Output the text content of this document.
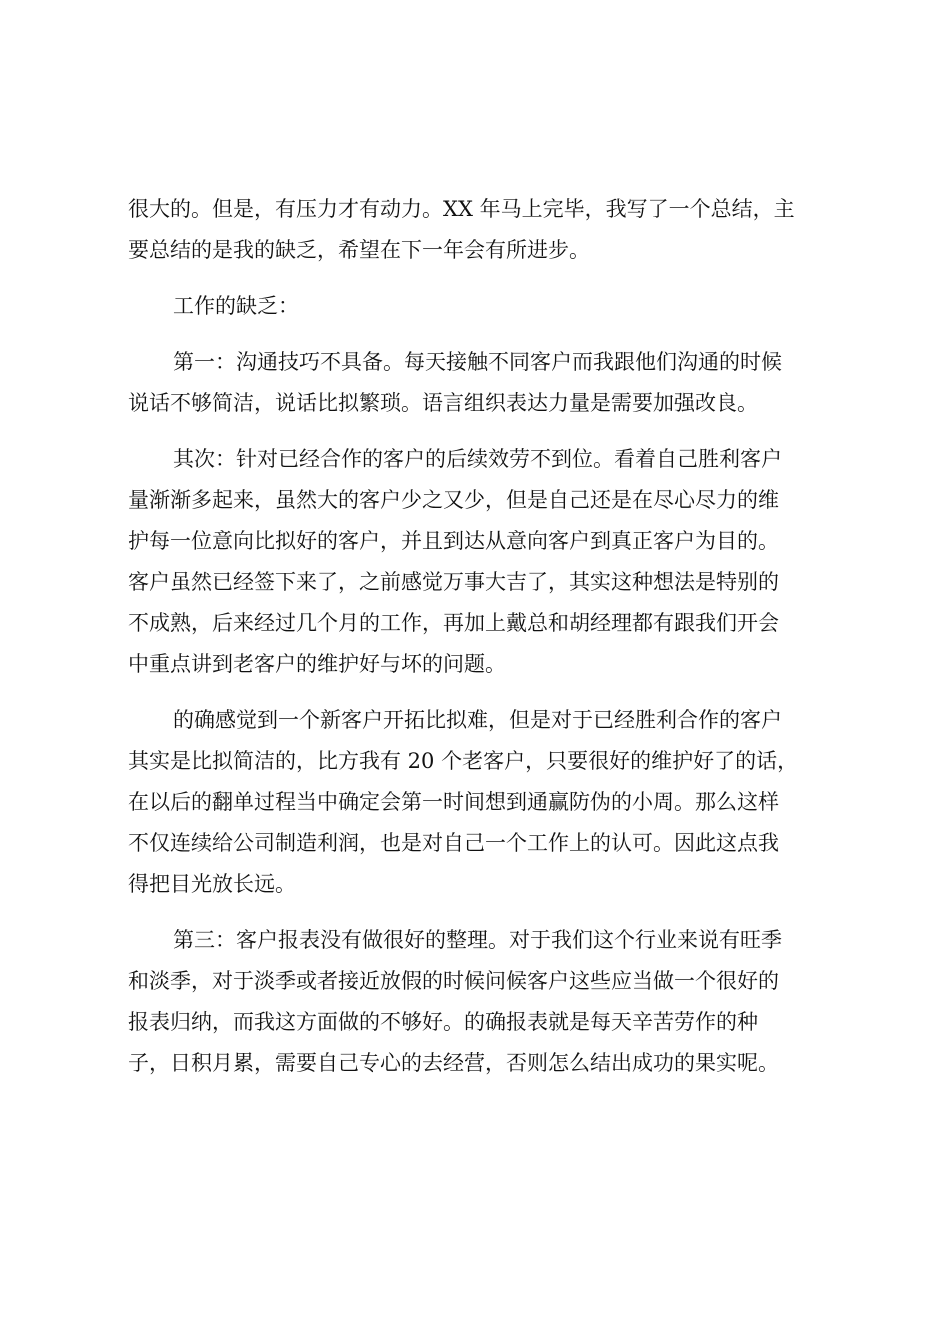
很大的。但是，有压力才有动力。XX 年马上完毕，我写了一个总结，主
要总结的是我的缺乏，希望在下一年会有所进步。
工作的缺乏：
第一：沟通技巧不具备。每天接触不同客户而我跟他们沟通的时候
说话不够简洁，说话比拟繁琐。语言组织表达力量是需要加强改良。
其次：针对已经合作的客户的后续效劳不到位。看着自己胜利客户
量渐渐多起来，虽然大的客户少之又少，但是自己还是在尽心尽力的维
护每一位意向比拟好的客户，并且到达从意向客户到真正客户为目的。
客户虽然已经签下来了，之前感觉万事大吉了，其实这种想法是特别的
不成熟，后来经过几个月的工作，再加上戴总和胡经理都有跟我们开会
中重点讲到老客户的维护好与坏的问题。
的确感觉到一个新客户开拓比拟难，但是对于已经胜利合作的客户
其实是比拟简洁的，比方我有 20 个老客户，只要很好的维护好了的话，
在以后的翻单过程当中确定会第一时间想到通赢防伪的小周。那么这样
不仅连续给公司制造利润，也是对自己一个工作上的认可。因此这点我
得把目光放长远。
第三：客户报表没有做很好的整理。对于我们这个行业来说有旺季
和淡季，对于淡季或者接近放假的时候问候客户这些应当做一个很好的
报表归纳，而我这方面做的不够好。的确报表就是每天辛苦劳作的种
子，日积月累，需要自己专心的去经营，否则怎么结出成功的果实呢。
